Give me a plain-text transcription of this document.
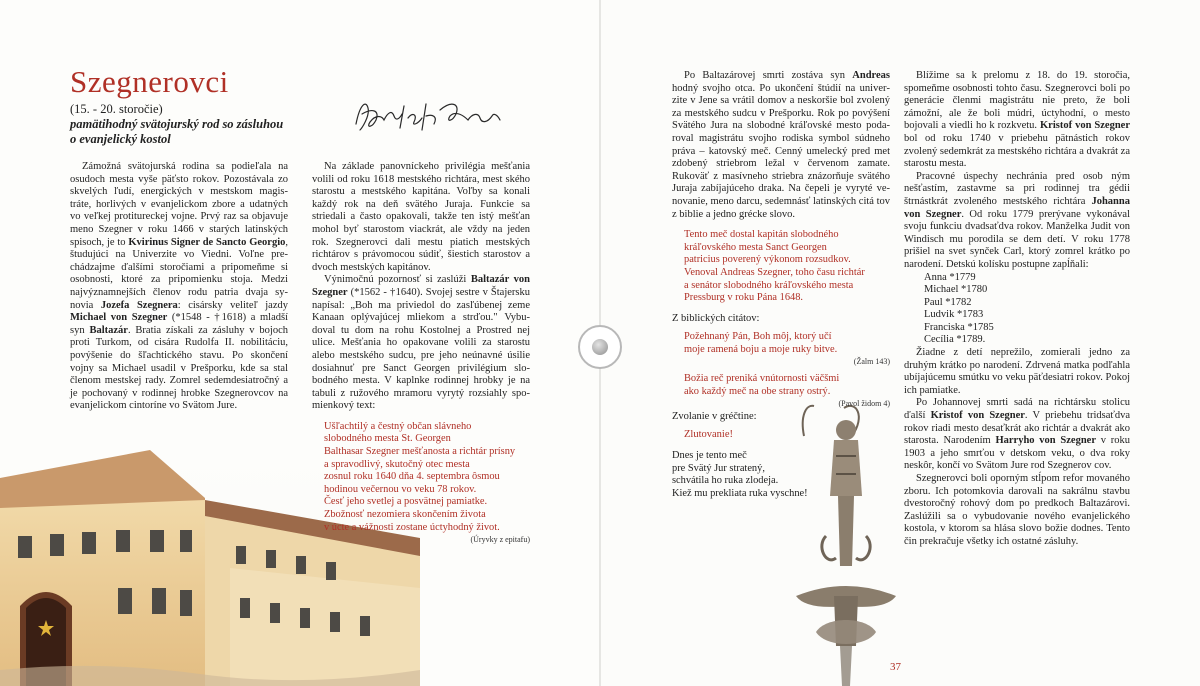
Szegnerovci
(15. - 20. storočie)
pamätihodný svätojurský rod so zásluhou
o evanjelický kostol

Zámožná svätojurská rodina sa podieľala na osudoch mesta vyše päťsto rokov. Pozostávala zo skvelých ľudí, energických v mestskom magis tráte, horlivých v evanjelickom zbore a udatných vo veľkej protitureckej vojne. Prvý raz sa objavuje meno Szegner v roku 1466 v starých latinských spisoch, je to Kvirinus Signer de Sancto Georgio, študujúci na Univerzite vo Viedni. Voľne pre chádzajme ďalšími storočiami a pripomeňme si osobnosti, ktoré za pripomienku stoja. Medzi najvýznamnejších členov rodu patria dvaja sy novia Jozefa Szegnera: cisársky veliteľ jazdy Michael von Szegner (*1548 - †1618) a mladší syn Baltazár. Bratia získali za zásluhy v bojoch proti Turkom, od cisára Rudolfa II. nobilitáciu, povýšenie do šľachtického stavu. Po skončení vojny sa Michael usadil v Prešporku, kde sa stal členom mestskej rady. Zomrel sedemdesiatročný a je pochovaný v rodinnej hrobke Szegnerovcov na evanjelickom cintoríne vo Svätom Jure.

Na základe panovníckeho privilégia mešťania volili od roku 1618 mestského richtára, mest ského starostu a mestského kapitána. Voľby sa konali každý rok na deň svätého Juraja. Funkcie sa striedali a často opakovali, takže ten istý mešťan mohol byť starostom viackrát, ale vždy na jeden rok. Szegnerovci dali mestu piatich mestských richtárov s právomocou súdiť, šiestich starostov a dvoch mestských kapitánov.

Výnimočnú pozornosť si zaslúži Baltazár von Szegner (*1562 - †1640). Svojej sestre v Štajersku napísal: „Boh ma priviedol do zasľúbenej zeme Kanaan oplývajúcej mliekom a strďou." Vybu doval tu dom na rohu Kostolnej a Prostred nej ulice. Mešťania ho opakovane volili za starostu alebo mestského sudcu, pre jeho neúnavné úsilie dosiahnuť pre Sanct Georgen privilégium slo bodného mesta. V kaplnke rodinnej hrobky je na tabuli z ružového mramoru vyrytý rozsiahly spo mienkový text:

Ušľachtilý a čestný občan slávneho
slobodného mesta St. Georgen
Balthasar Szegner mešťanosta a richtár prísny
a spravodlivý, skutočný otec mesta
zosnul roku 1640 dňa 4. septembra ôsmou
hodinou večernou vo veku 78 rokov.
Česť jeho svetlej a posvätnej pamiatke.
Zbožnosť nezomiera skončením života
v úcte a vážnosti zostane úctyhodný život.
(Úryvky z epitafu)

Po Baltazárovej smrti zostáva syn Andreas hodný svojho otca. Po ukončení štúdií na univer zite v Jene sa vrátil domov a neskoršie bol zvolený za mestského sudcu v Prešporku. Rok po povýšení Svätého Jura na slobodné kráľovské mesto poda roval magistrátu svojho rodiska symbol súdneho práva – katovský meč. Cenný umelecký pred met zdobený striebrom ležal v červenom zamate. Rukoväť z masívneho striebra znázorňuje svätého Juraja zabíjajúceho draka. Na čepeli je vyryté ve novanie, meno darcu, sedemnásť latinských citá tov z biblie a jedno grécke slovo.

Tento meč dostal kapitán slobodného
kráľovského mesta Sanct Georgen
patricius poverený výkonom rozsudkov.
Venoval Andreas Szegner, toho času richtár
a senátor slobodného kráľovského mesta
Pressburg v roku Pána 1648.
Z biblických citátov:
Požehnaný Pán, Boh môj, ktorý učí
moje ramená boju a moje ruky bitve.
(Žalm 143)
Božia reč preniká vnútornosti väčšmi
ako každý meč na obe strany ostrý.
(Pavol židom 4)
Zvolanie v gréčtine:
Zlutovanie!
Dnes je tento meč
pre Svätý Jur stratený,
schvátila ho ruka zlodeja.
Kiež mu prekliata ruka vyschne!

Blížime sa k prelomu z 18. do 19. storočia, spomeňme osobnosti tohto času. Szegnerovci boli po generácie členmi magistrátu nie preto, že boli zámožní, ale že boli múdri, úctyhodní, o mesto bojovali a viedli ho k rozkvetu. Kristof von Szegner bol od roku 1740 v priebehu pätnástich rokov zvolený sedemkrát za mestského richtára a dvakrát za starostu mesta.

Pracovné úspechy nechránia pred osob ným nešťastím, zastavme sa pri rodinnej tra gédii štrnástkrát zvoleného mestského richtára Johanna von Szegner. Od roku 1779 prerývane vykonával svoju funkciu dvadsaťdva rokov. Manželka Judit von Windisch mu porodila se dem detí. V roku 1778 prišiel na svet synček Carl, ktorý zomrel krátko po narodení. Detskú kolísku postupne zapĺňali:

Anna *1779
Michael *1780
Paul *1782
Ludvik *1783
Franciska *1785
Cecília *1789.

Žiadne z detí neprežilo, zomierali jedno za druhým krátko po narodení. Zdrvená matka podľahla ubíjajúcemu smútku vo veku päťdesiatri rokov. Pokoj ich pamiatke.

Po Johannovej smrti sadá na richtársku stolicu ďalší Kristof von Szegner. V priebehu tridsaťdva rokov riadi mesto desaťkrát ako richtár a dvakrát ako starosta. Narodením Harryho von Szegner v roku 1903 a jeho smrťou v detskom veku, o dva roky neskôr, končí vo Svätom Jure rod Szegnerov cov.

Szegnerovci boli oporným stĺpom refor movaného zboru. Ich potomkovia darovali na sakrálnu stavbu dvestoročný rohový dom po predkoch Baltazárovi. Zaslúžili sa o vybudovanie nového evanjelického kostola, v ktorom sa hlása slovo božie dodnes. Tento čin prekračuje všetky ich ostatné zásluhy.

37
